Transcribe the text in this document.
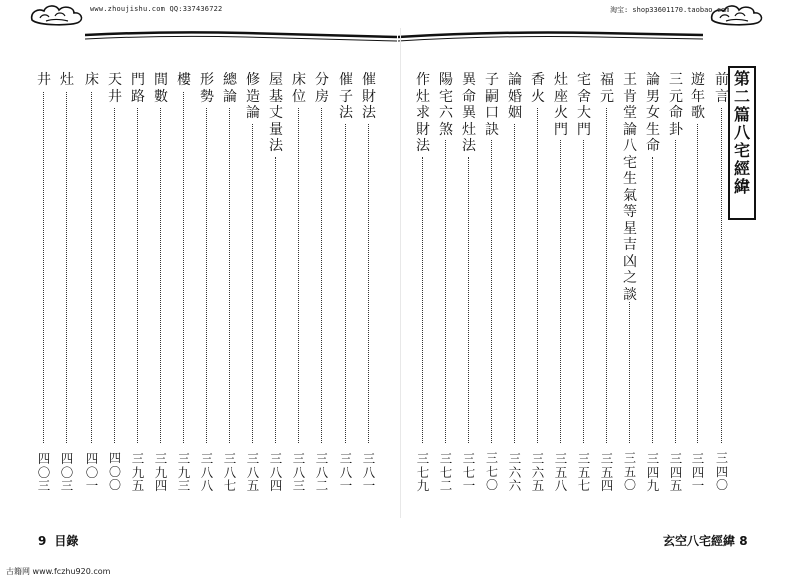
www.zhoujishu.com QQ:337436722	淘宝: shop33601170.taobao.com
第二篇八宅經緯
前言
三四〇
遊年歌
三四一
三元命卦
三四五
論男女生命
三四九
王肯堂論八宅生氣等星吉凶之談
三五〇
福元
三五四
宅舍大門
三五七
灶座火門
三五八
香火
三六五
論婚姻
三六六
子嗣口訣
三七〇
異命異灶法
三七一
陽宅六煞
三七二
作灶求財法
三七九
催財法
三八一
催子法
三八一
分房
三八二
床位
三八三
屋基丈量法
三八四
修造論
三八五
總論
三八七
形勢
三八八
樓
三九三
間數
三九四
門路
三九五
天井
四〇〇
床
四〇一
灶
四〇三
井
四〇三
9 目錄	玄空八宅經緯 8
古籍网 www.fczhu920.com
